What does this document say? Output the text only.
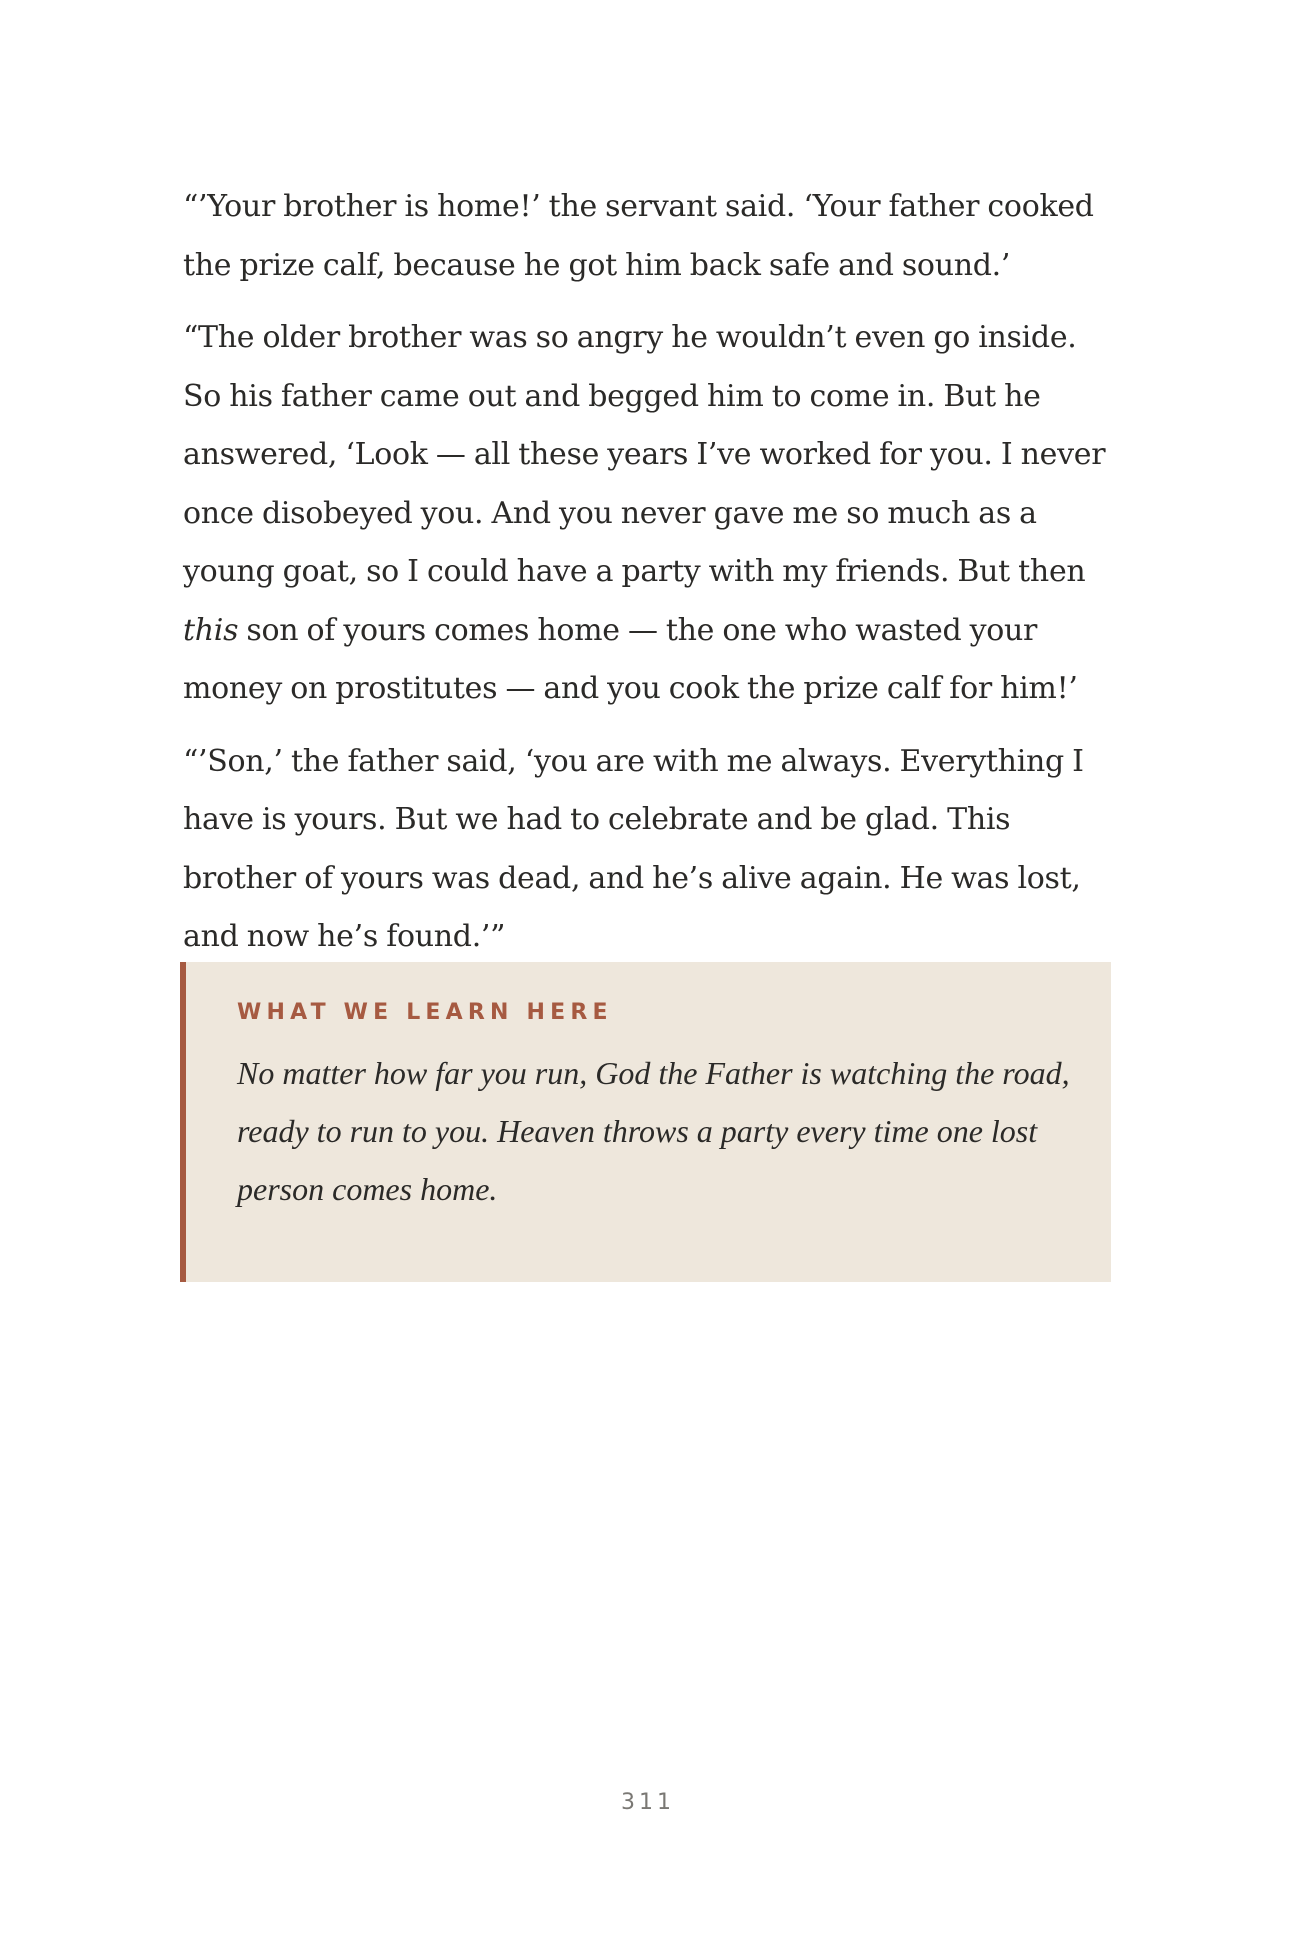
“’Your brother is home!’ the servant said. ‘Your father cooked the prize calf, because he got him back safe and sound.’

“The older brother was so angry he wouldn’t even go inside. So his father came out and begged him to come in. But he answered, ‘Look — all these years I’ve worked for you. I never once disobeyed you. And you never gave me so much as a young goat, so I could have a party with my friends. But then this son of yours comes home — the one who wasted your money on prostitutes — and you cook the prize calf for him!’

“’Son,’ the father said, ‘you are with me always. Everything I have is yours. But we had to celebrate and be glad. This brother of yours was dead, and he’s alive again. He was lost, and now he’s found.’”

WHAT WE LEARN HERE

No matter how far you run, God the Father is watching the road, ready to run to you. Heaven throws a party every time one lost person comes home.

311
